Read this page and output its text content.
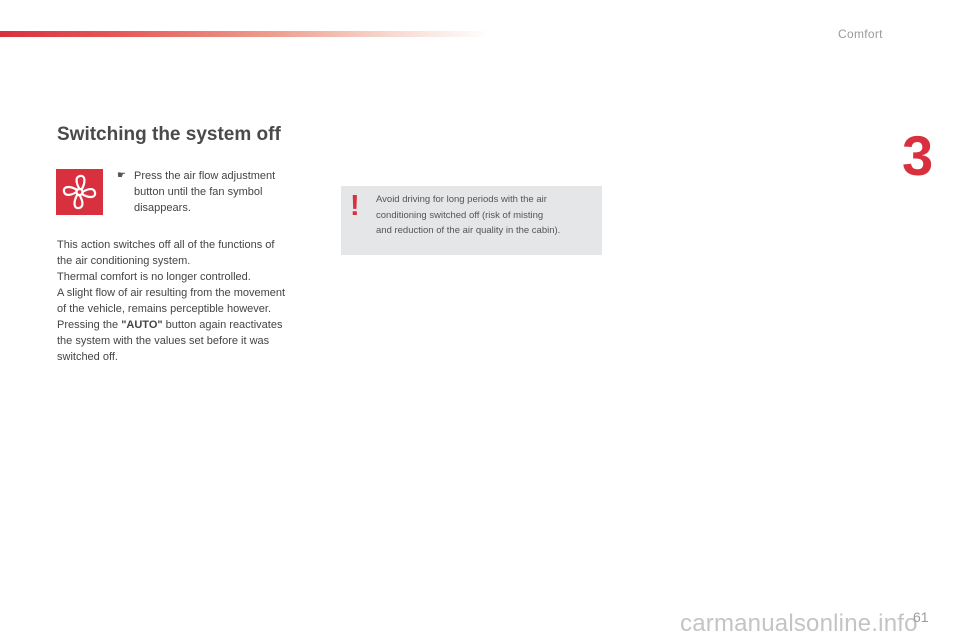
Comfort
3
Switching the system off
☛ Press the air flow adjustment
button until the fan symbol
disappears.
This action switches off all of the functions of
the air conditioning system.
Thermal comfort is no longer controlled.
A slight flow of air resulting from the movement
of the vehicle, remains perceptible however.
Pressing the "AUTO" button again reactivates
the system with the values set before it was
switched off.
! Avoid driving for long periods with the air
conditioning switched off (risk of misting
and reduction of the air quality in the cabin).
carmanualsonline.info
61
